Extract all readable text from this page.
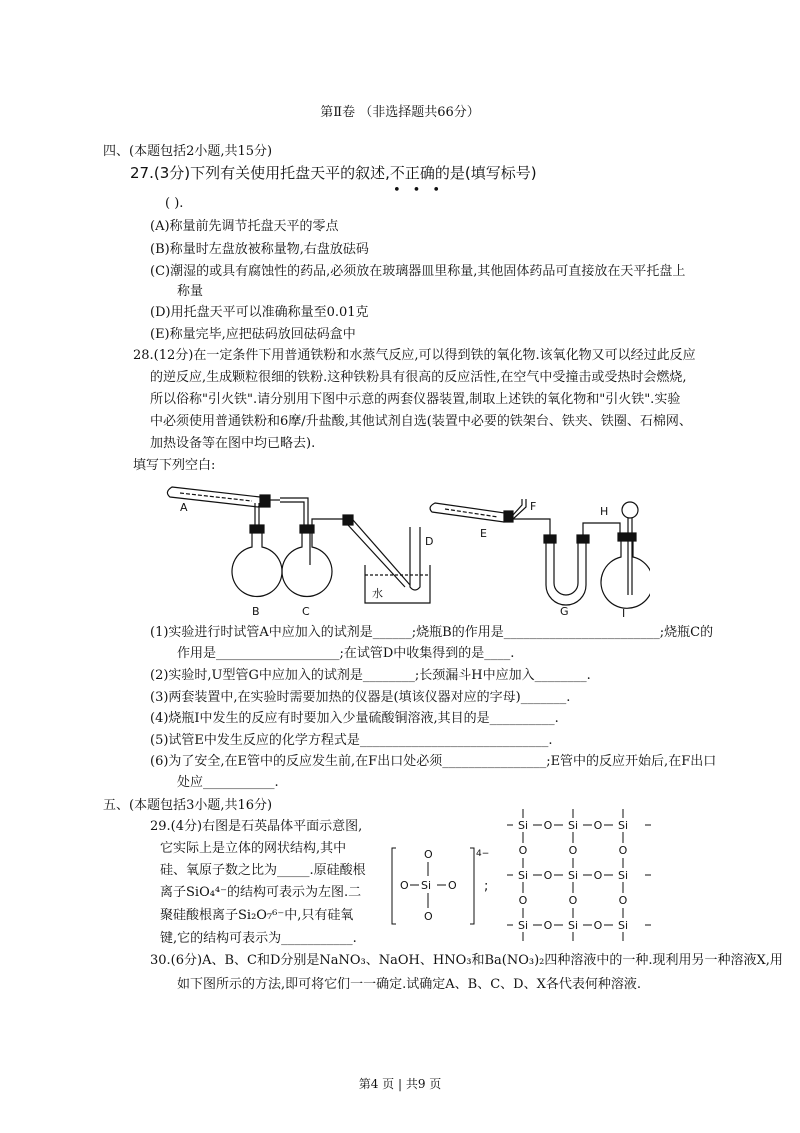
第Ⅱ卷 （非选择题共66分）
四、(本题包括2小题,共15分)
27.(3分)下列有关使用托盘天平的叙述,不正确的是(填写标号)
•••
( ).
(A)称量前先调节托盘天平的零点
(B)称量时左盘放被称量物,右盘放砝码
(C)潮湿的或具有腐蚀性的药品,必须放在玻璃器皿里称量,其他固体药品可直接放在天平托盘上
称量
(D)用托盘天平可以准确称量至0.01克
(E)称量完毕,应把砝码放回砝码盒中
28.(12分)在一定条件下用普通铁粉和水蒸气反应,可以得到铁的氧化物.该氧化物又可以经过此反应
的逆反应,生成颗粒很细的铁粉.这种铁粉具有很高的反应活性,在空气中受撞击或受热时会燃烧,
所以俗称"引火铁".请分别用下图中示意的两套仪器装置,制取上述铁的氧化物和"引火铁".实验
中必须使用普通铁粉和6摩/升盐酸,其他试剂自选(装置中必要的铁架台、铁夹、铁圈、石棉网、
加热设备等在图中均已略去).
填写下列空白:
A
B	C
水
D
E
F
G
H
I
(1)实验进行时试管A中应加入的试剂是______;烧瓶B的作用是________________________;烧瓶C的
作用是___________________;在试管D中收集得到的是____.
(2)实验时,U型管G中应加入的试剂是________;长颈漏斗H中应加入________.
(3)两套装置中,在实验时需要加热的仪器是(填该仪器对应的字母)_______.
(4)烧瓶I中发生的反应有时要加入少量硫酸铜溶液,其目的是__________.
(5)试管E中发生反应的化学方程式是_____________________________.
(6)为了安全,在E管中的反应发生前,在F出口处必须________________;E管中的反应开始后,在F出口
处应___________.
五、(本题包括3小题,共16分)
29.(4分)右图是石英晶体平面示意图,
它实际上是立体的网状结构,其中
硅、氧原子数之比为_____.原硅酸根
离子SiO₄⁴⁻的结构可表示为左图.二
聚硅酸根离子Si₂O₇⁶⁻中,只有硅氧
键,它的结构可表示为___________.
4−
;
O
O Si O
O
Si O
O
Si O
O
Si
O
Si O
O
Si O
O
Si
O
Si O Si O Si
30.(6分)A、B、C和D分别是NaNO₃、NaOH、HNO₃和Ba(NO₃)₂四种溶液中的一种.现利用另一种溶液X,用
如下图所示的方法,即可将它们一一确定.试确定A、B、C、D、X各代表何种溶液.
第4 页 | 共9 页
